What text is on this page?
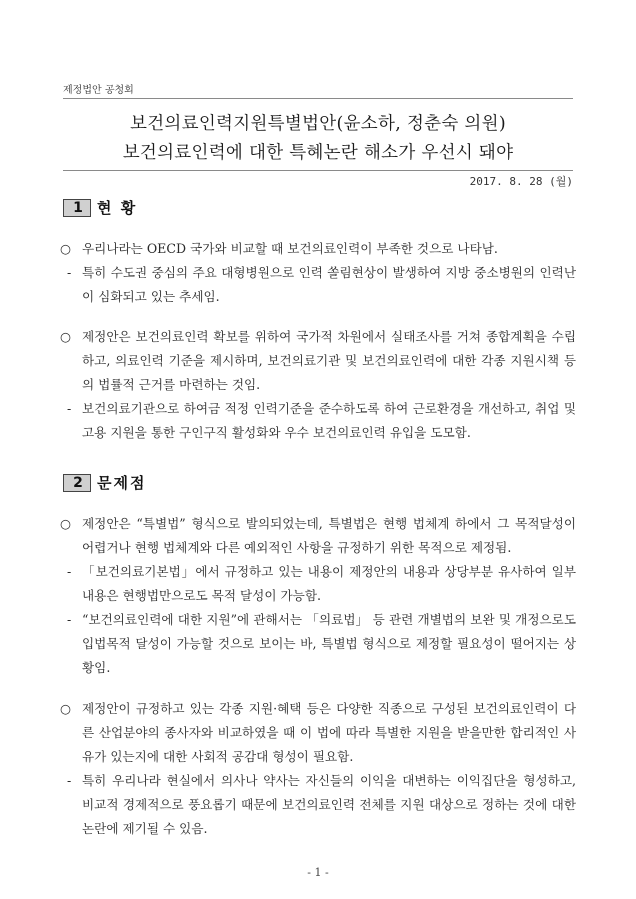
제정법안 공청회
보건의료인력지원특별법안(윤소하, 정춘숙 의원)
보건의료인력에 대한 특혜논란 해소가 우선시 돼야
2017. 8. 28 (월)
1 현 황
○ 우리나라는 OECD 국가와 비교할 때 보건의료인력이 부족한 것으로 나타남.
- 특히 수도권 중심의 주요 대형병원으로 인력 쏠림현상이 발생하여 지방 중소병원의 인력난이 심화되고 있는 추세임.
○ 제정안은 보건의료인력 확보를 위하여 국가적 차원에서 실태조사를 거쳐 종합계획을 수립하고, 의료인력 기준을 제시하며, 보건의료기관 및 보건의료인력에 대한 각종 지원시책 등의 법률적 근거를 마련하는 것임.
- 보건의료기관으로 하여금 적정 인력기준을 준수하도록 하여 근로환경을 개선하고, 취업 및 고용 지원을 통한 구인구직 활성화와 우수 보건의료인력 유입을 도모함.
2 문제점
○ 제정안은 “특별법” 형식으로 발의되었는데, 특별법은 현행 법체계 하에서 그 목적달성이 어렵거나 현행 법체계와 다른 예외적인 사항을 규정하기 위한 목적으로 제정됨.
- 「보건의료기본법」에서 규정하고 있는 내용이 제정안의 내용과 상당부분 유사하여 일부 내용은 현행법만으로도 목적 달성이 가능함.
- “보건의료인력에 대한 지원”에 관해서는 「의료법」 등 관련 개별법의 보완 및 개정으로도 입법목적 달성이 가능할 것으로 보이는 바, 특별법 형식으로 제정할 필요성이 떨어지는 상황임.
○ 제정안이 규정하고 있는 각종 지원·혜택 등은 다양한 직종으로 구성된 보건의료인력이 다른 산업분야의 종사자와 비교하였을 때 이 법에 따라 특별한 지원을 받을만한 합리적인 사유가 있는지에 대한 사회적 공감대 형성이 필요함.
- 특히 우리나라 현실에서 의사나 약사는 자신들의 이익을 대변하는 이익집단을 형성하고, 비교적 경제적으로 풍요롭기 때문에 보건의료인력 전체를 지원 대상으로 정하는 것에 대한 논란에 제기될 수 있음.
- 1 -
